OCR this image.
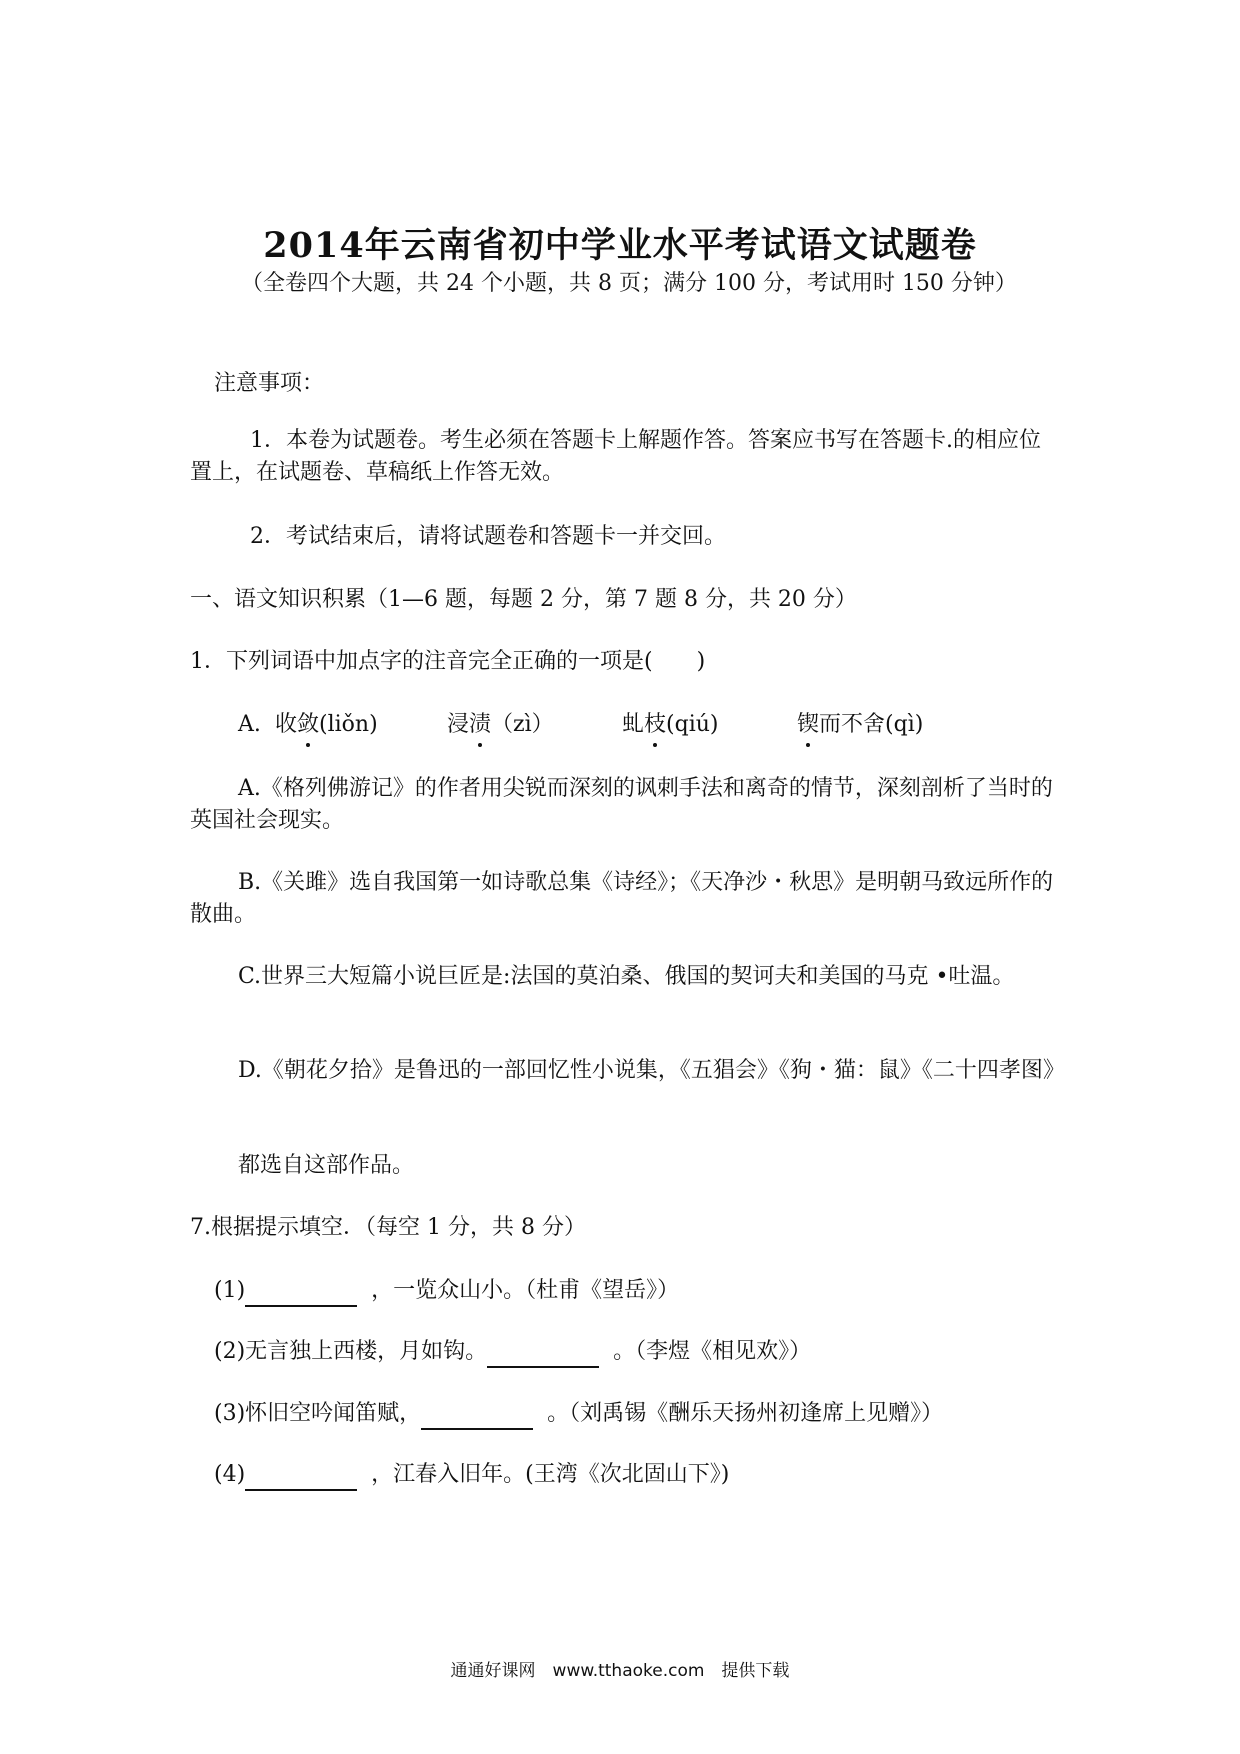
2014年云南省初中学业水平考试语文试题卷
（全卷四个大题，共 24 个小题，共 8 页；满分 100 分，考试用时 150 分钟）
注意事项：
1．本卷为试题卷。考生必须在答题卡上解题作答。答案应书写在答题卡.的相应位置上，在试题卷、草稿纸上作答无效。
2．考试结束后，请将试题卷和答题卡一并交回。
一、语文知识积累（1—6 题，每题 2 分，第 7 题 8 分，共 20 分）
1．下列词语中加点字的注音完全正确的一项是(　　)
A. 收敛(liǒn)	浸渍（zì）	虬枝(qiú)	锲而不舍(qì)
A.《格列佛游记》的作者用尖锐而深刻的讽刺手法和离奇的情节，深刻剖析了当时的英国社会现实。
B.《关雎》选自我国第一如诗歌总集《诗经》；《天净沙・秋思》是明朝马致远所作的散曲。
C.世界三大短篇小说巨匠是:法国的莫泊桑、俄国的契诃夫和美国的马克 •吐温。
D.《朝花夕拾》是鲁迅的一部回忆性小说集，《五猖会》《狗・猫：鼠》《二十四孝图》
都选自这部作品。
7.根据提示填空．（每空 1 分，共 8 分）
(1)	，一览众山小。（杜甫《望岳》）
(2)无言独上西楼，月如钩。	。（李煜《相见欢》）
(3)怀旧空吟闻笛赋，	。（刘禹锡《酬乐天扬州初逢席上见赠》）
(4)	，江春入旧年。(王湾《次北固山下》)
通通好课网　www.tthaoke.com　提供下载
